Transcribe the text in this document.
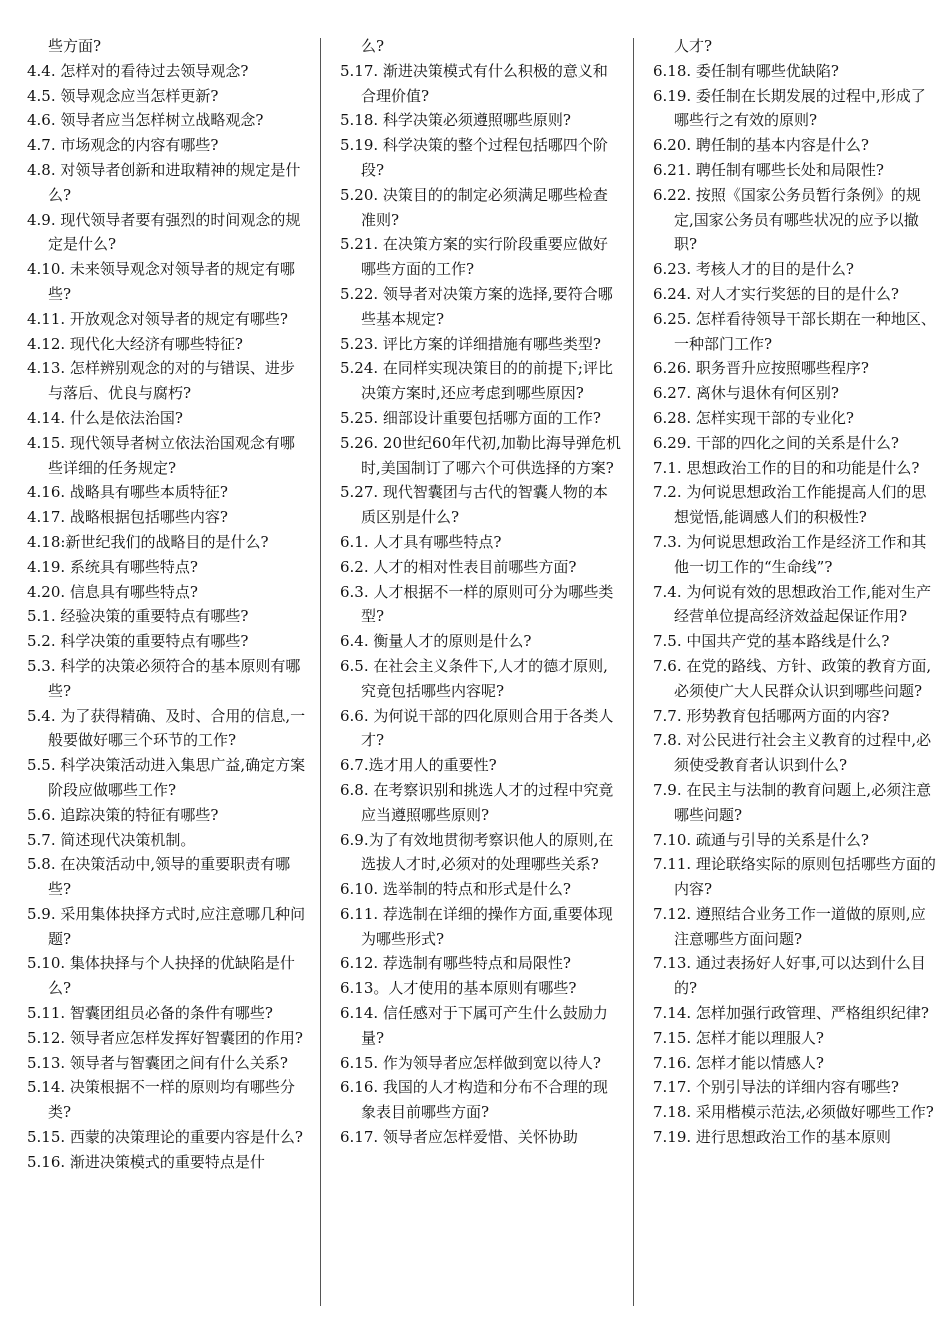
些方面?
4.4. 怎样对的看待过去领导观念?
4.5. 领导观念应当怎样更新?
4.6. 领导者应当怎样树立战略观念?
4.7. 市场观念的内容有哪些?
4.8. 对领导者创新和进取精神的规定是什么?
4.9. 现代领导者要有强烈的时间观念的规定是什么?
4.10. 未来领导观念对领导者的规定有哪些?
4.11. 开放观念对领导者的规定有哪些?
4.12. 现代化大经济有哪些特征?
4.13. 怎样辨别观念的对的与错误、进步与落后、优良与腐朽?
4.14. 什么是依法治国?
4.15. 现代领导者树立依法治国观念有哪些详细的任务规定?
4.16. 战略具有哪些本质特征?
4.17. 战略根据包括哪些内容?
4.18:新世纪我们的战略目的是什么?
4.19. 系统具有哪些特点?
4.20. 信息具有哪些特点?
5.1. 经验决策的重要特点有哪些?
5.2. 科学决策的重要特点有哪些?
5.3. 科学的决策必须符合的基本原则有哪些?
5.4. 为了获得精确、及时、合用的信息,一般要做好哪三个环节的工作?
5.5. 科学决策活动进入集思广益,确定方案阶段应做哪些工作?
5.6. 追踪决策的特征有哪些?
5.7. 简述现代决策机制。
5.8. 在决策活动中,领导的重要职责有哪些?
5.9. 采用集体抉择方式时,应注意哪几种问题?
5.10. 集体抉择与个人抉择的优缺陷是什么?
5.11. 智囊团组员必备的条件有哪些?
5.12. 领导者应怎样发挥好智囊团的作用?
5.13. 领导者与智囊团之间有什么关系?
5.14. 决策根据不一样的原则均有哪些分类?
5.15. 西蒙的决策理论的重要内容是什么?
5.16. 渐进决策模式的重要特点是什
么?
5.17. 渐进决策模式有什么积极的意义和合理价值?
5.18. 科学决策必须遵照哪些原则?
5.19. 科学决策的整个过程包括哪四个阶段?
5.20. 决策目的的制定必须满足哪些检查准则?
5.21. 在决策方案的实行阶段重要应做好哪些方面的工作?
5.22. 领导者对决策方案的选择,要符合哪些基本规定?
5.23. 评比方案的详细措施有哪些类型?
5.24. 在同样实现决策目的的前提下;评比决策方案时,还应考虑到哪些原因?
5.25. 细部设计重要包括哪方面的工作?
5.26. 20世纪60年代初,加勒比海导弹危机时,美国制订了哪六个可供选择的方案?
5.27. 现代智囊团与古代的智囊人物的本质区别是什么?
6.1. 人才具有哪些特点?
6.2. 人才的相对性表目前哪些方面?
6.3. 人才根据不一样的原则可分为哪些类型?
6.4. 衡量人才的原则是什么?
6.5. 在社会主义条件下,人才的德才原则,究竟包括哪些内容呢?
6.6. 为何说干部的四化原则合用于各类人才?
6.7.选才用人的重要性?
6.8. 在考察识别和挑选人才的过程中究竟应当遵照哪些原则?
6.9.为了有效地贯彻考察识他人的原则,在选拔人才时,必须对的处理哪些关系?
6.10. 选举制的特点和形式是什么?
6.11. 荐选制在详细的操作方面,重要体现为哪些形式?
6.12. 荐选制有哪些特点和局限性?
6.13。人才使用的基本原则有哪些?
6.14. 信任感对于下属可产生什么鼓励力量?
6.15. 作为领导者应怎样做到宽以待人?
6.16. 我国的人才构造和分布不合理的现象表目前哪些方面?
6.17. 领导者应怎样爱惜、关怀协助
人才?
6.18. 委任制有哪些优缺陷?
6.19. 委任制在长期发展的过程中,形成了哪些行之有效的原则?
6.20. 聘任制的基本内容是什么?
6.21. 聘任制有哪些长处和局限性?
6.22. 按照《国家公务员暂行条例》的规定,国家公务员有哪些状况的应予以撤职?
6.23. 考核人才的目的是什么?
6.24. 对人才实行奖惩的目的是什么?
6.25. 怎样看待领导干部长期在一种地区、一种部门工作?
6.26. 职务晋升应按照哪些程序?
6.27. 离休与退休有何区别?
6.28. 怎样实现干部的专业化?
6.29. 干部的四化之间的关系是什么?
7.1. 思想政治工作的目的和功能是什么?
7.2. 为何说思想政治工作能提高人们的思想觉悟,能调感人们的积极性?
7.3. 为何说思想政治工作是经济工作和其他一切工作的“生命线”?
7.4. 为何说有效的思想政治工作,能对生产经营单位提高经济效益起保证作用?
7.5. 中国共产党的基本路线是什么?
7.6. 在党的路线、方针、政策的教育方面,必须使广大人民群众认识到哪些问题?
7.7. 形势教育包括哪两方面的内容?
7.8. 对公民进行社会主义教育的过程中,必须使受教育者认识到什么?
7.9. 在民主与法制的教育问题上,必须注意哪些问题?
7.10. 疏通与引导的关系是什么?
7.11. 理论联络实际的原则包括哪些方面的内容?
7.12. 遵照结合业务工作一道做的原则,应注意哪些方面问题?
7.13. 通过表扬好人好事,可以达到什么目的?
7.14. 怎样加强行政管理、严格组织纪律?
7.15. 怎样才能以理服人?
7.16. 怎样才能以情感人?
7.17. 个别引导法的详细内容有哪些?
7.18. 采用楷模示范法,必须做好哪些工作?
7.19. 进行思想政治工作的基本原则
